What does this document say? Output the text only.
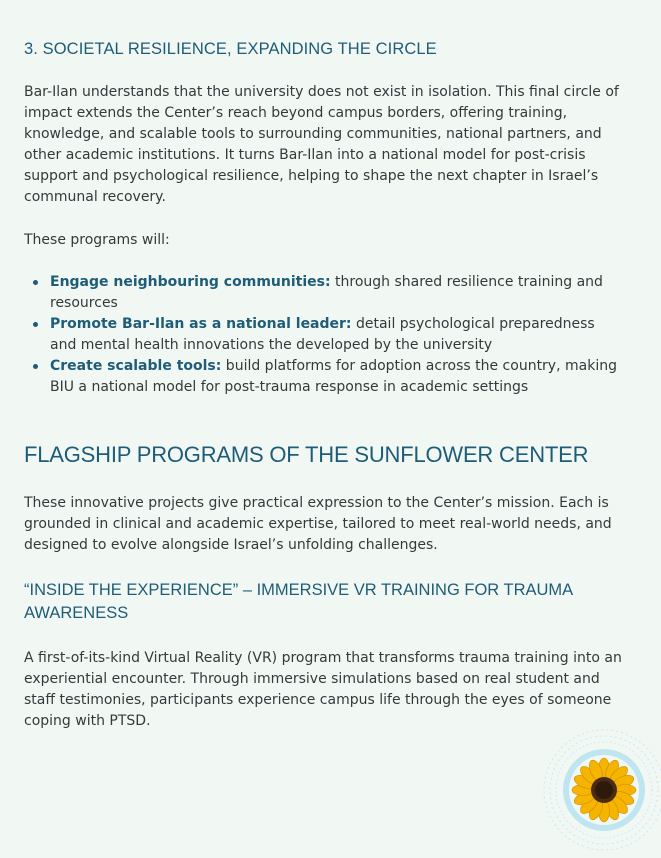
3. SOCIETAL RESILIENCE, EXPANDING THE CIRCLE

Bar-Ilan understands that the university does not exist in isolation. This final circle of impact extends the Center’s reach beyond campus borders, offering training, knowledge, and scalable tools to surrounding communities, national partners, and other academic institutions. It turns Bar-Ilan into a national model for post-crisis support and psychological resilience, helping to shape the next chapter in Israel’s communal recovery.

These programs will:

Engage neighbouring communities: through shared resilience training and resources
Promote Bar-Ilan as a national leader: detail psychological preparedness and mental health innovations the developed by the university
Create scalable tools: build platforms for adoption across the country, making BIU a national model for post-trauma response in academic settings
FLAGSHIP PROGRAMS OF THE SUNFLOWER CENTER

These innovative projects give practical expression to the Center’s mission. Each is grounded in clinical and academic expertise, tailored to meet real-world needs, and designed to evolve alongside Israel’s unfolding challenges.

“INSIDE THE EXPERIENCE” – IMMERSIVE VR TRAINING FOR TRAUMA AWARENESS

A first-of-its-kind Virtual Reality (VR) program that transforms trauma training into an experiential encounter. Through immersive simulations based on real student and staff testimonies, participants experience campus life through the eyes of someone coping with PTSD.
